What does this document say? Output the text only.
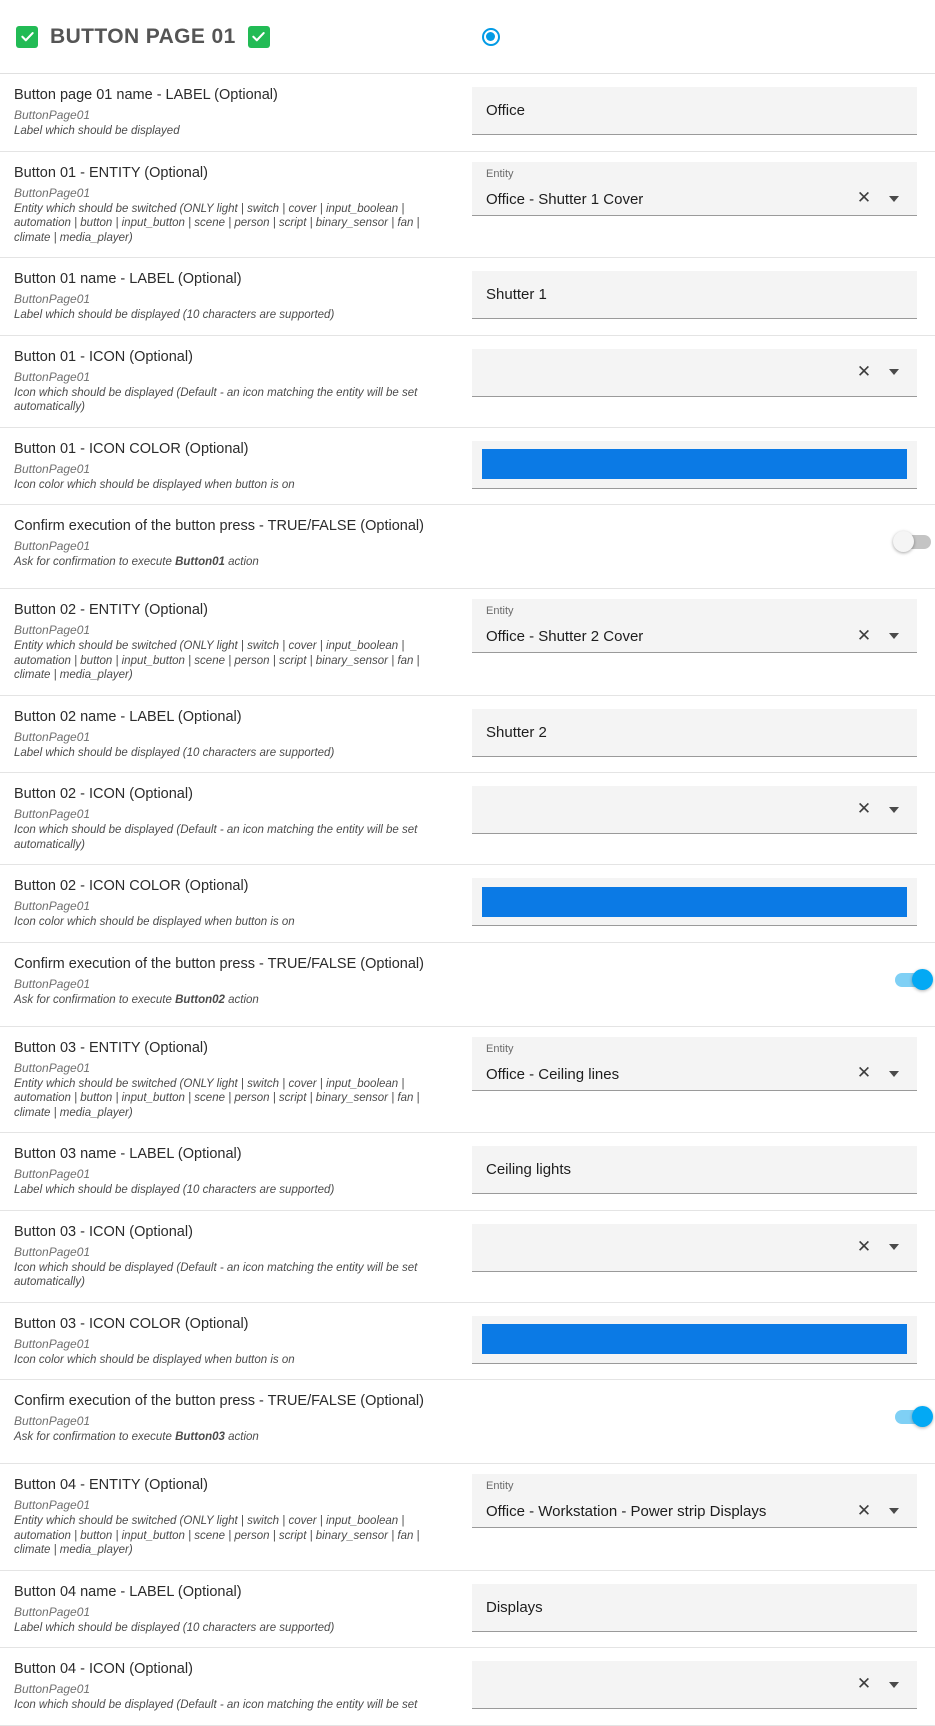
BUTTON PAGE 01
Button page 01 name - LABEL (Optional)
ButtonPage01
Label which should be displayed
Office
Button 01 - ENTITY (Optional)
ButtonPage01
Entity which should be switched (ONLY light | switch | cover | input_boolean | automation | button | input_button | scene | person | script | binary_sensor | fan | climate | media_player)
Entity
Office - Shutter 1 Cover	✕
Button 01 name - LABEL (Optional)
ButtonPage01
Label which should be displayed (10 characters are supported)
Shutter 1
Button 01 - ICON (Optional)
ButtonPage01
Icon which should be displayed (Default - an icon matching the entity will be set automatically)
✕
Button 01 - ICON COLOR (Optional)
ButtonPage01
Icon color which should be displayed when button is on
Confirm execution of the button press - TRUE/FALSE (Optional)
ButtonPage01
Ask for confirmation to execute Button01 action
Button 02 - ENTITY (Optional)
ButtonPage01
Entity which should be switched (ONLY light | switch | cover | input_boolean | automation | button | input_button | scene | person | script | binary_sensor | fan | climate | media_player)
Entity
Office - Shutter 2 Cover	✕
Button 02 name - LABEL (Optional)
ButtonPage01
Label which should be displayed (10 characters are supported)
Shutter 2
Button 02 - ICON (Optional)
ButtonPage01
Icon which should be displayed (Default - an icon matching the entity will be set automatically)
✕
Button 02 - ICON COLOR (Optional)
ButtonPage01
Icon color which should be displayed when button is on
Confirm execution of the button press - TRUE/FALSE (Optional)
ButtonPage01
Ask for confirmation to execute Button02 action
Button 03 - ENTITY (Optional)
ButtonPage01
Entity which should be switched (ONLY light | switch | cover | input_boolean | automation | button | input_button | scene | person | script | binary_sensor | fan | climate | media_player)
Entity
Office - Ceiling lines	✕
Button 03 name - LABEL (Optional)
ButtonPage01
Label which should be displayed (10 characters are supported)
Ceiling lights
Button 03 - ICON (Optional)
ButtonPage01
Icon which should be displayed (Default - an icon matching the entity will be set automatically)
✕
Button 03 - ICON COLOR (Optional)
ButtonPage01
Icon color which should be displayed when button is on
Confirm execution of the button press - TRUE/FALSE (Optional)
ButtonPage01
Ask for confirmation to execute Button03 action
Button 04 - ENTITY (Optional)
ButtonPage01
Entity which should be switched (ONLY light | switch | cover | input_boolean | automation | button | input_button | scene | person | script | binary_sensor | fan | climate | media_player)
Entity
Office - Workstation - Power strip Displays	✕
Button 04 name - LABEL (Optional)
ButtonPage01
Label which should be displayed (10 characters are supported)
Displays
Button 04 - ICON (Optional)
ButtonPage01
Icon which should be displayed (Default - an icon matching the entity will be set
✕
